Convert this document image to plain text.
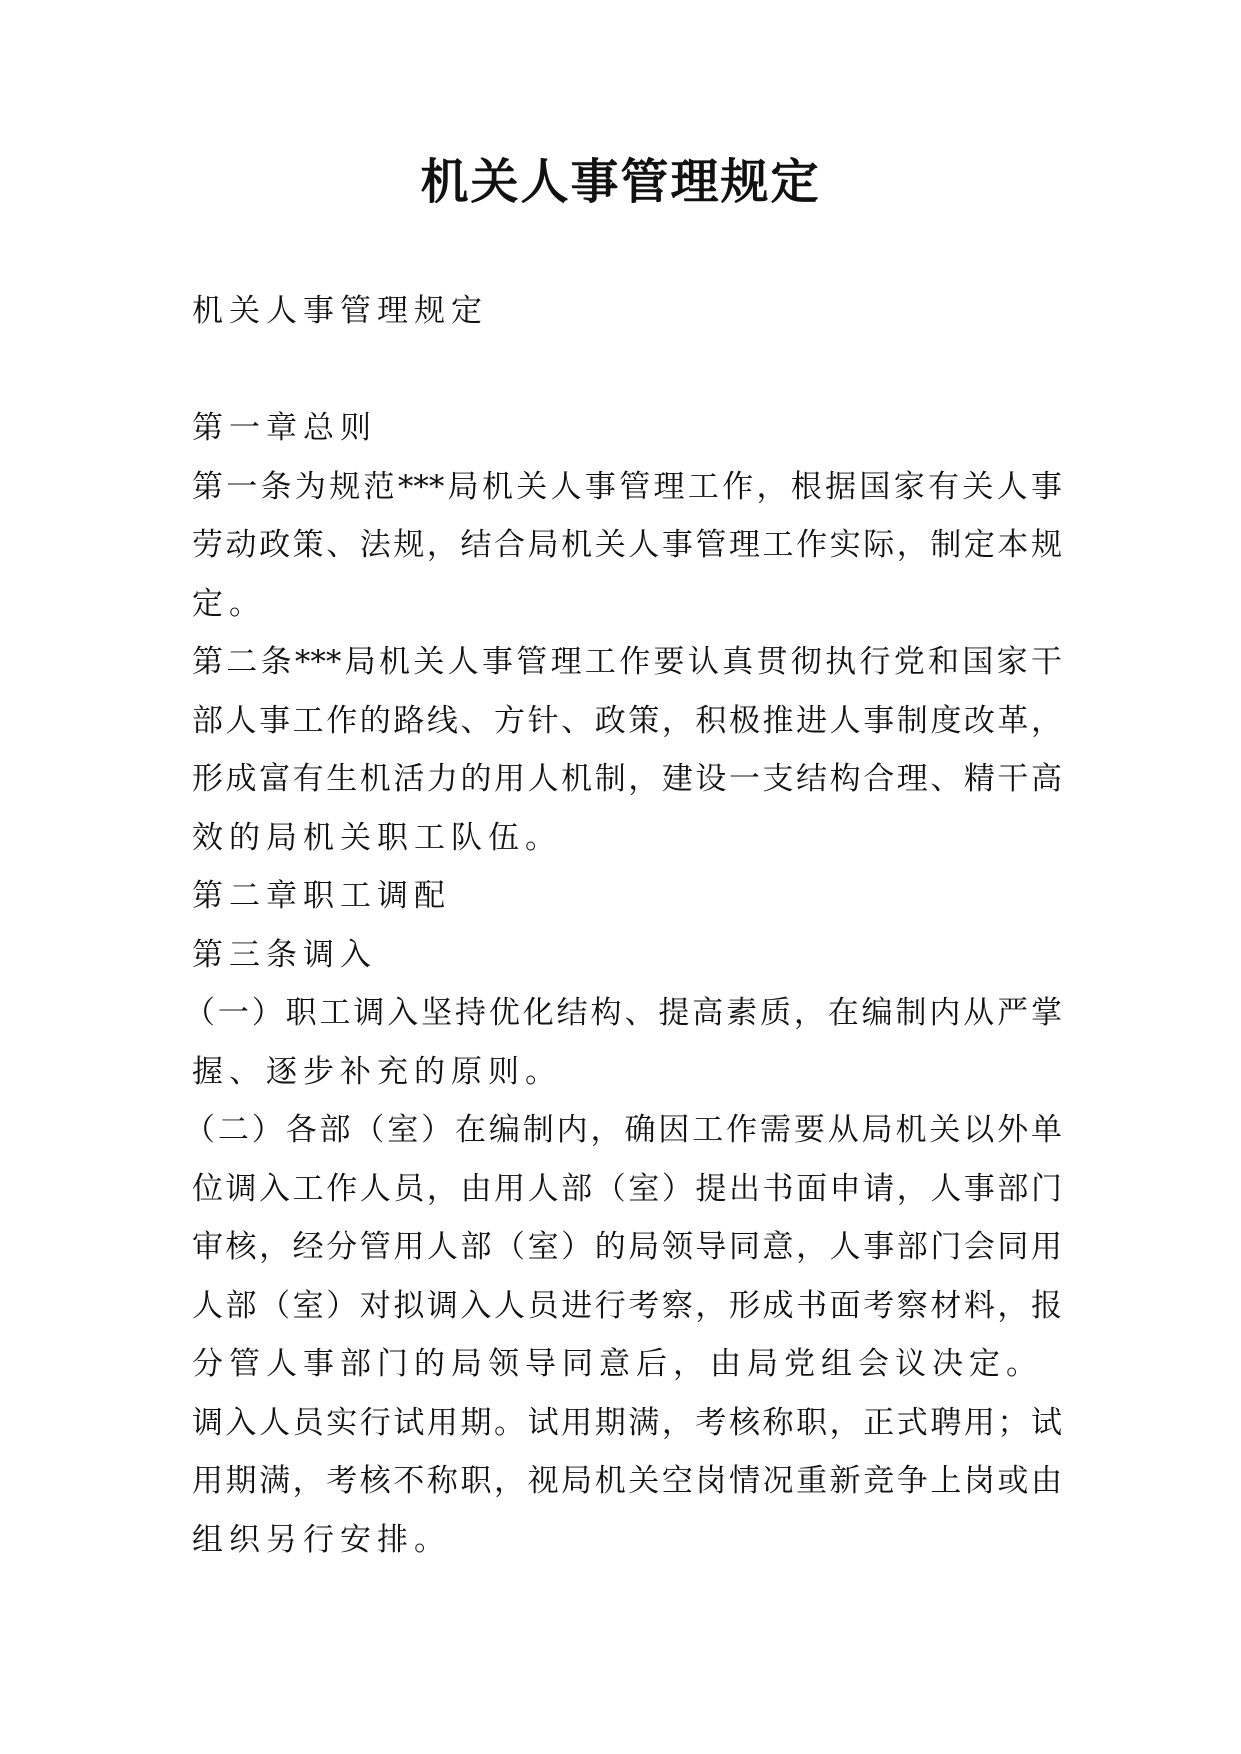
机关人事管理规定
机关人事管理规定
第一章总则
第一条为规范***局机关人事管理工作，根据国家有关人事
劳动政策、法规，结合局机关人事管理工作实际，制定本规
定。
第二条***局机关人事管理工作要认真贯彻执行党和国家干
部人事工作的路线、方针、政策，积极推进人事制度改革，
形成富有生机活力的用人机制，建设一支结构合理、精干高
效的局机关职工队伍。
第二章职工调配
第三条调入
（一）职工调入坚持优化结构、提高素质，在编制内从严掌
握、逐步补充的原则。
（二）各部（室）在编制内，确因工作需要从局机关以外单
位调入工作人员，由用人部（室）提出书面申请，人事部门
审核，经分管用人部（室）的局领导同意，人事部门会同用
人部（室）对拟调入人员进行考察，形成书面考察材料，报
分管人事部门的局领导同意后，由局党组会议决定。
调入人员实行试用期。试用期满，考核称职，正式聘用；试
用期满，考核不称职，视局机关空岗情况重新竞争上岗或由
组织另行安排。
